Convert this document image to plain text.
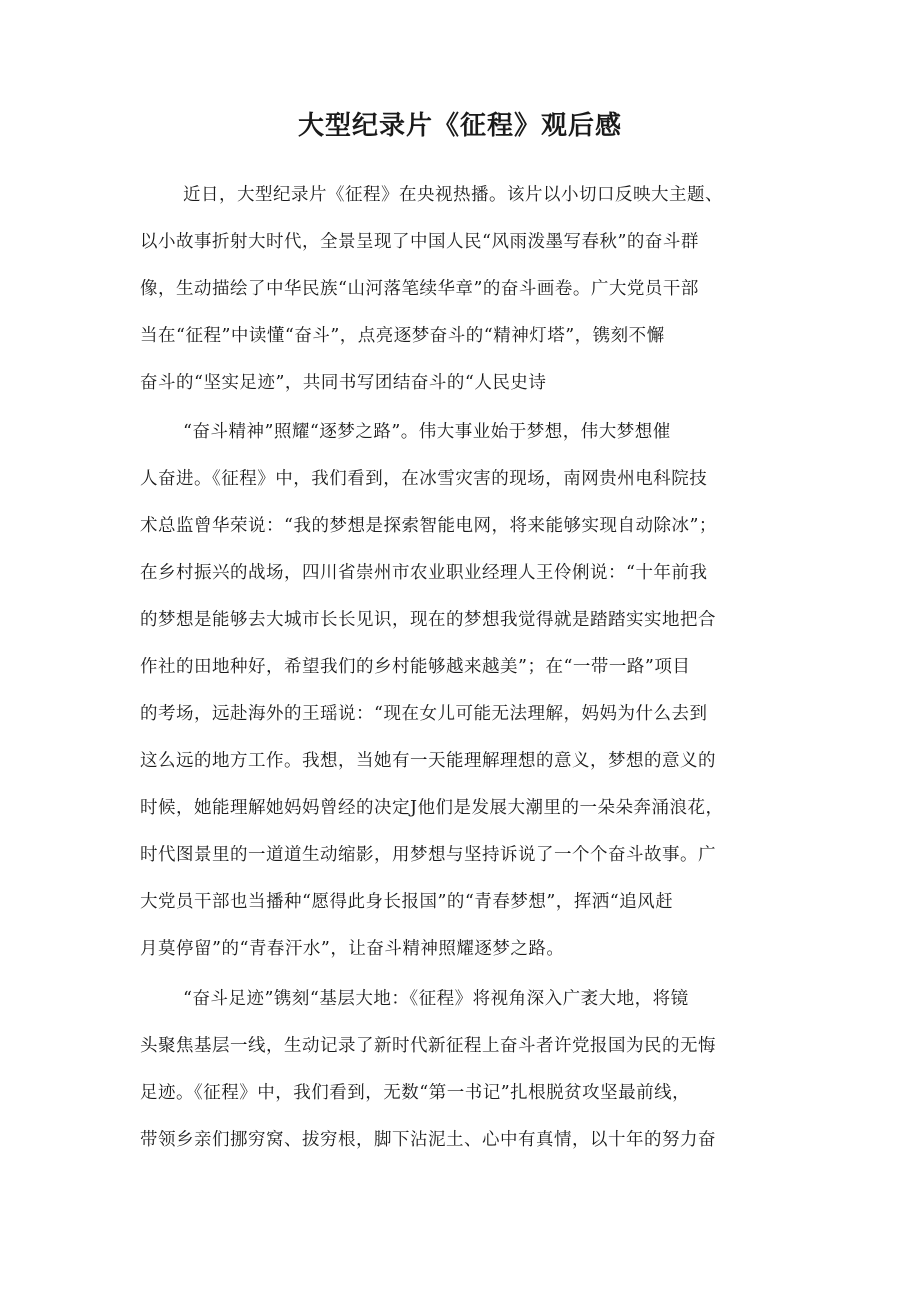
大型纪录片《征程》观后感
近日，大型纪录片《征程》在央视热播。该片以小切口反映大主题、
以小故事折射大时代，全景呈现了中国人民“风雨泼墨写春秋”的奋斗群
像，生动描绘了中华民族“山河落笔续华章”的奋斗画卷。广大党员干部
当在“征程”中读懂“奋斗”，点亮逐梦奋斗的“精神灯塔”，镌刻不懈
奋斗的“坚实足迹”，共同书写团结奋斗的“人民史诗
“奋斗精神”照耀“逐梦之路”。伟大事业始于梦想，伟大梦想催
人奋进。《征程》中，我们看到，在冰雪灾害的现场，南网贵州电科院技
术总监曾华荣说：“我的梦想是探索智能电网，将来能够实现自动除冰”；
在乡村振兴的战场，四川省崇州市农业职业经理人王伶俐说：“十年前我
的梦想是能够去大城市长长见识，现在的梦想我觉得就是踏踏实实地把合
作社的田地种好，希望我们的乡村能够越来越美”；在“一带一路”项目
的考场，远赴海外的王瑶说：“现在女儿可能无法理解，妈妈为什么去到
这么远的地方工作。我想，当她有一天能理解理想的意义，梦想的意义的
时候，她能理解她妈妈曾经的决定J他们是发展大潮里的一朵朵奔涌浪花，
时代图景里的一道道生动缩影，用梦想与坚持诉说了一个个奋斗故事。广
大党员干部也当播种“愿得此身长报国”的“青春梦想”，挥洒“追风赶
月莫停留”的“青春汗水”，让奋斗精神照耀逐梦之路。
“奋斗足迹”镌刻“基层大地：《征程》将视角深入广袤大地，将镜
头聚焦基层一线，生动记录了新时代新征程上奋斗者许党报国为民的无悔
足迹。《征程》中，我们看到，无数“第一书记”扎根脱贫攻坚最前线，
带领乡亲们挪穷窝、拔穷根，脚下沾泥土、心中有真情，以十年的努力奋
